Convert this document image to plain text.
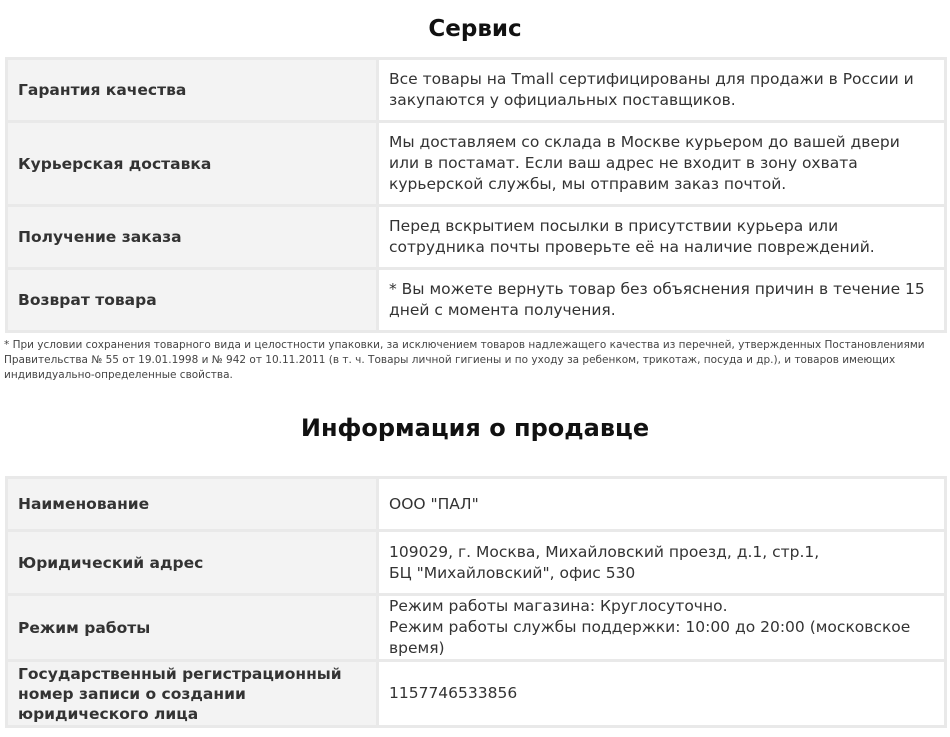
Сервис
Гарантия качества	Все товары на Tmall сертифицированы для продажи в России и закупаются у официальных поставщиков.
Курьерская доставка	Мы доставляем со склада в Москве курьером до вашей двери или в постамат. Если ваш адрес не входит в зону охвата курьерской службы, мы отправим заказ почтой.
Получение заказа	Перед вскрытием посылки в присутствии курьера или сотрудника почты проверьте её на наличие повреждений.
Возврат товара	* Вы можете вернуть товар без объяснения причин в течение 15 дней с момента получения.

* При условии сохранения товарного вида и целостности упаковки, за исключением товаров надлежащего качества из перечней, утвержденных Постановлениями Правительства № 55 от 19.01.1998 и № 942 от 10.11.2011 (в т. ч. Товары личной гигиены и по уходу за ребенком, трикотаж, посуда и др.), и товаров имеющих индивидуально-определенные свойства.

Информация о продавце
Наименование	ООО "ПАЛ"

Юридический адрес	109029, г. Москва, Михайловский проезд, д.1, стр.1,
БЦ "Михайловский", офис 530

Режим работы	Режим работы магазина: Круглосуточно.
Режим работы службы поддержки: 10:00 до 20:00 (московское время)

Государственный регистрационный номер записи о создании юридического лица	1157746533856
